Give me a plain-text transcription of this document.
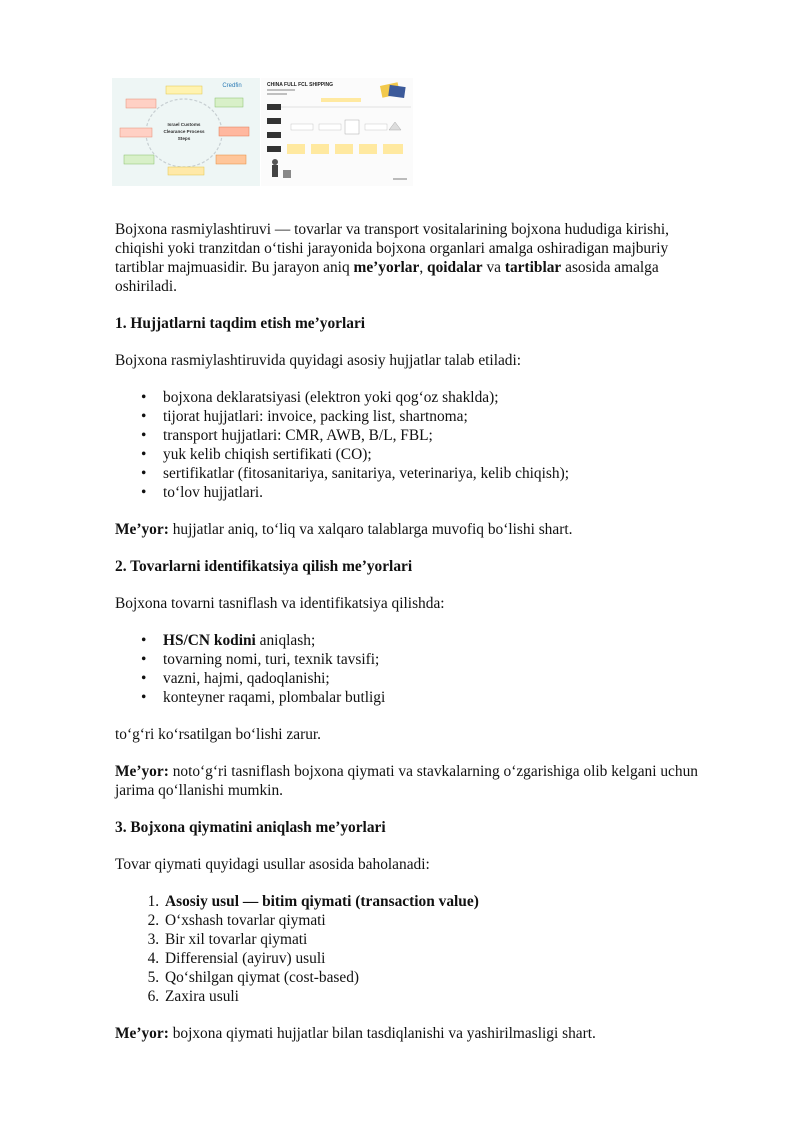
Credfin
Israel Customs
Clearance Process
Steps
CHINA FULL FCL SHIPPING

Bojxona rasmiylashtiruvi — tovarlar va transport vositalarining bojxona hududiga kirishi, chiqishi yoki tranzitdan o‘tishi jarayonida bojxona organlari amalga oshiradigan majburiy tartiblar majmuasidir. Bu jarayon aniq me’yorlar, qoidalar va tartiblar asosida amalga oshiriladi.

1. Hujjatlarni taqdim etish me’yorlari

Bojxona rasmiylashtiruvida quyidagi asosiy hujjatlar talab etiladi:

• bojxona deklaratsiyasi (elektron yoki qog‘oz shaklda);
• tijorat hujjatlari: invoice, packing list, shartnoma;
• transport hujjatlari: CMR, AWB, B/L, FBL;
• yuk kelib chiqish sertifikati (CO);
• sertifikatlar (fitosanitariya, sanitariya, veterinariya, kelib chiqish);
• to‘lov hujjatlari.

Me’yor: hujjatlar aniq, to‘liq va xalqaro talablarga muvofiq bo‘lishi shart.

2. Tovarlarni identifikatsiya qilish me’yorlari

Bojxona tovarni tasniflash va identifikatsiya qilishda:

• HS/CN kodini aniqlash;
• tovarning nomi, turi, texnik tavsifi;
• vazni, hajmi, qadoqlanishi;
• konteyner raqami, plombalar butligi

to‘g‘ri ko‘rsatilgan bo‘lishi zarur.

Me’yor: noto‘g‘ri tasniflash bojxona qiymati va stavkalarning o‘zgarishiga olib kelgani uchun jarima qo‘llanishi mumkin.

3. Bojxona qiymatini aniqlash me’yorlari

Tovar qiymati quyidagi usullar asosida baholanadi:

1. Asosiy usul — bitim qiymati (transaction value)
2. O‘xshash tovarlar qiymati
3. Bir xil tovarlar qiymati
4. Differensial (ayiruv) usuli
5. Qo‘shilgan qiymat (cost-based)
6. Zaxira usuli

Me’yor: bojxona qiymati hujjatlar bilan tasdiqlanishi va yashirilmasligi shart.
